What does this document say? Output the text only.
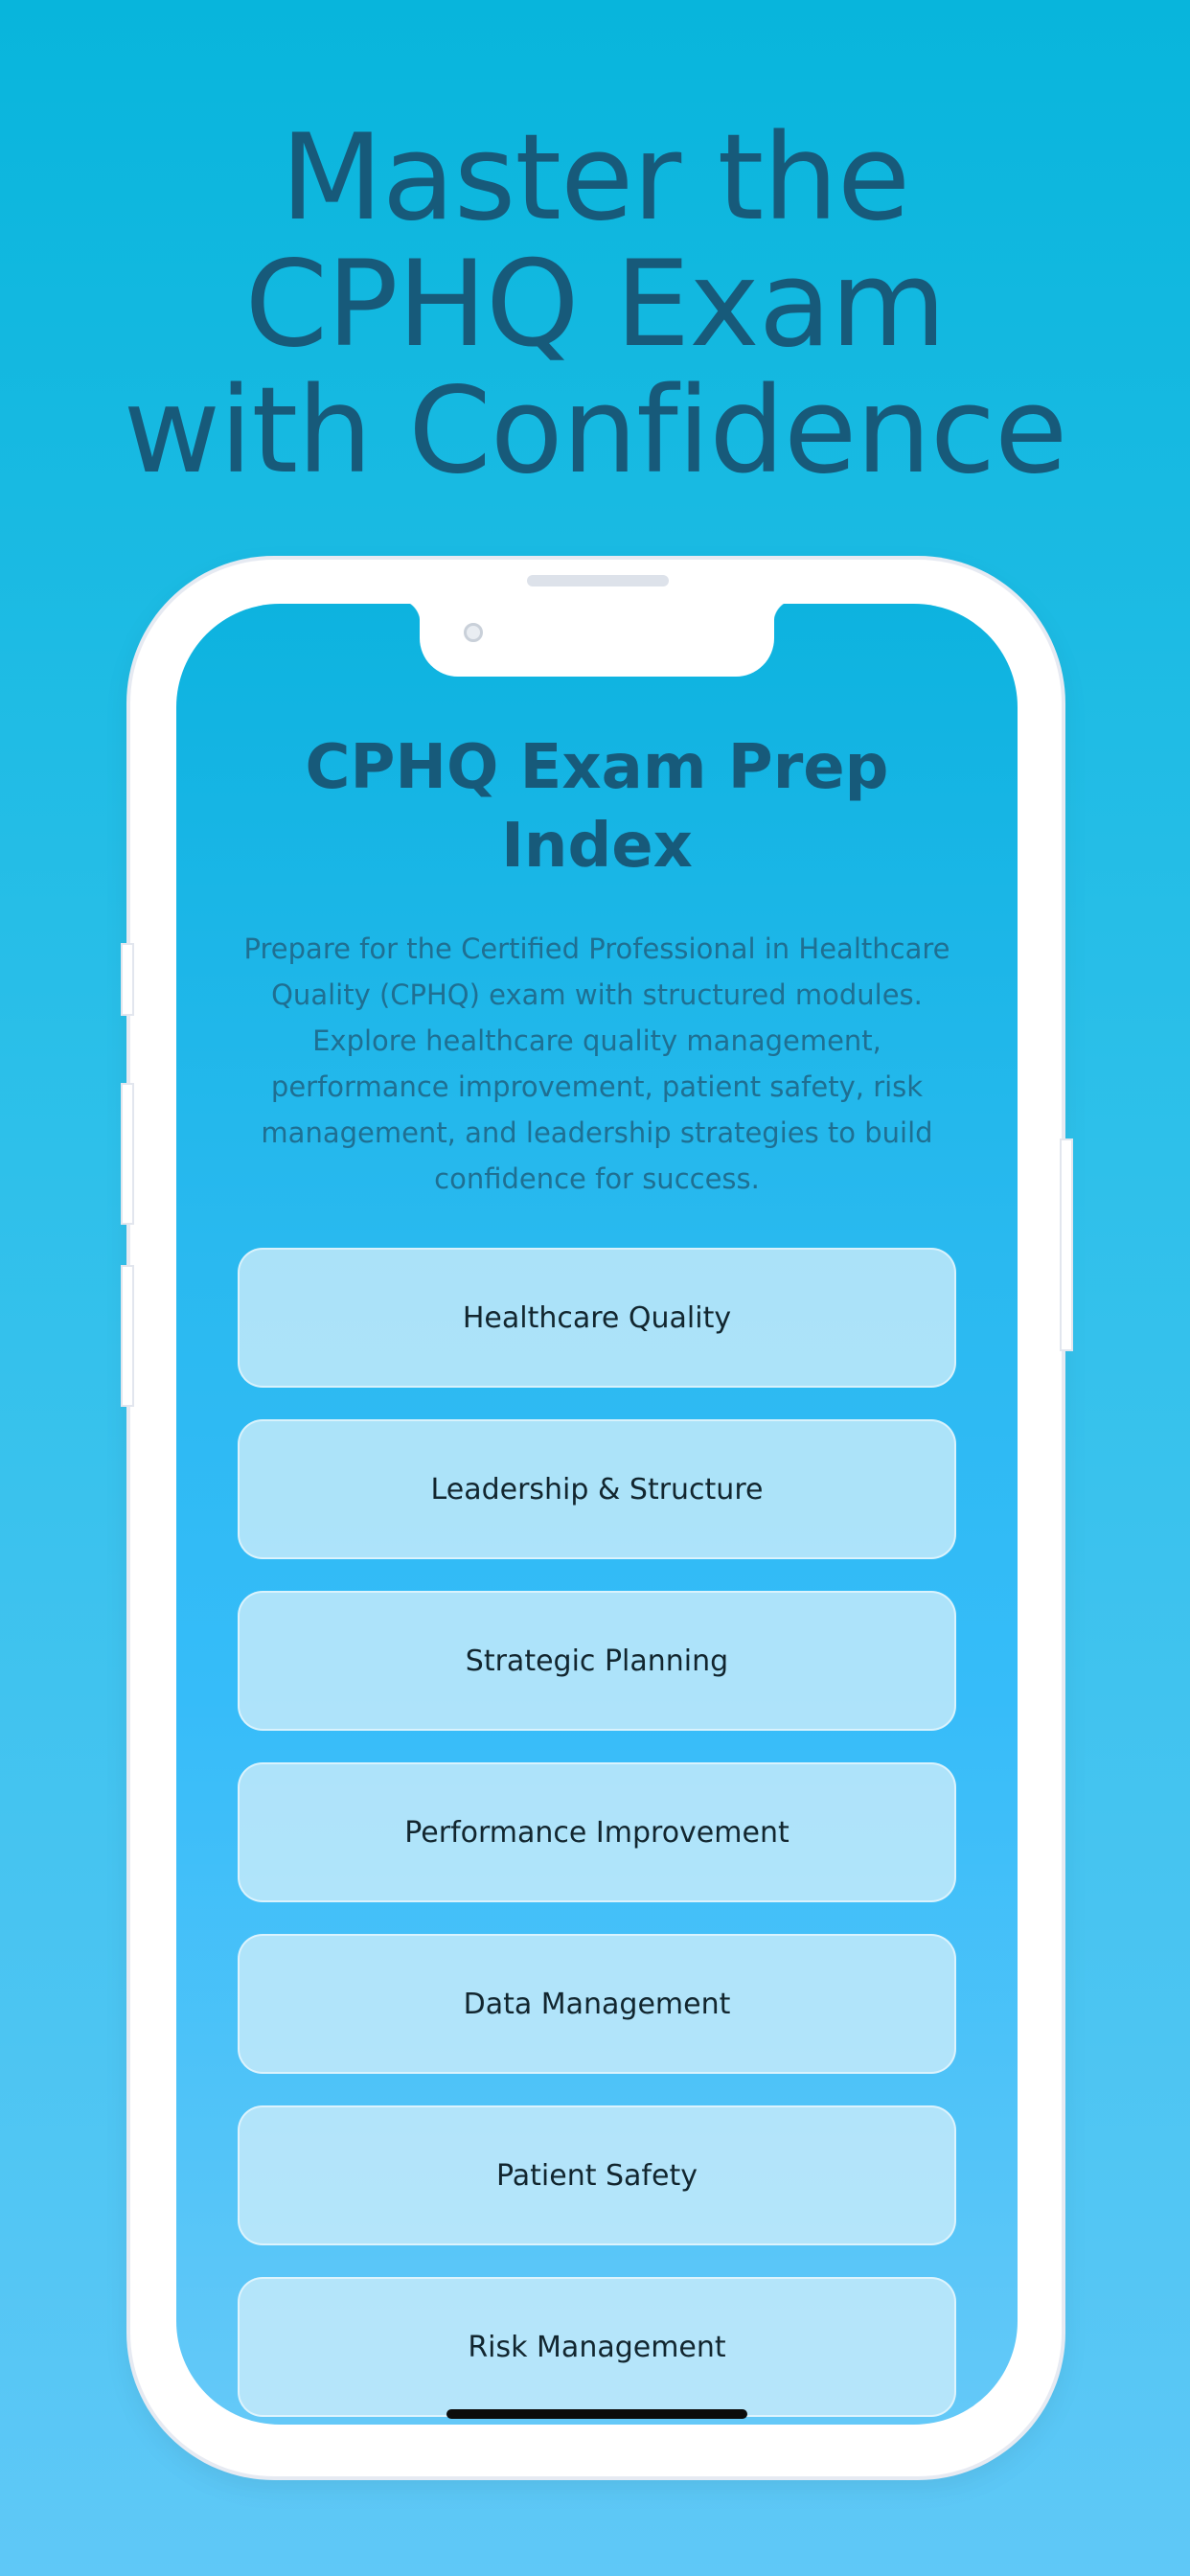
Master the
CPHQ Exam
with Confidence
CPHQ Exam Prep
Index
Prepare for the Certified Professional in Healthcare
Quality (CPHQ) exam with structured modules.
Explore healthcare quality management,
performance improvement, patient safety, risk
management, and leadership strategies to build
confidence for success.
Healthcare Quality
Leadership & Structure
Strategic Planning
Performance Improvement
Data Management
Patient Safety
Risk Management
